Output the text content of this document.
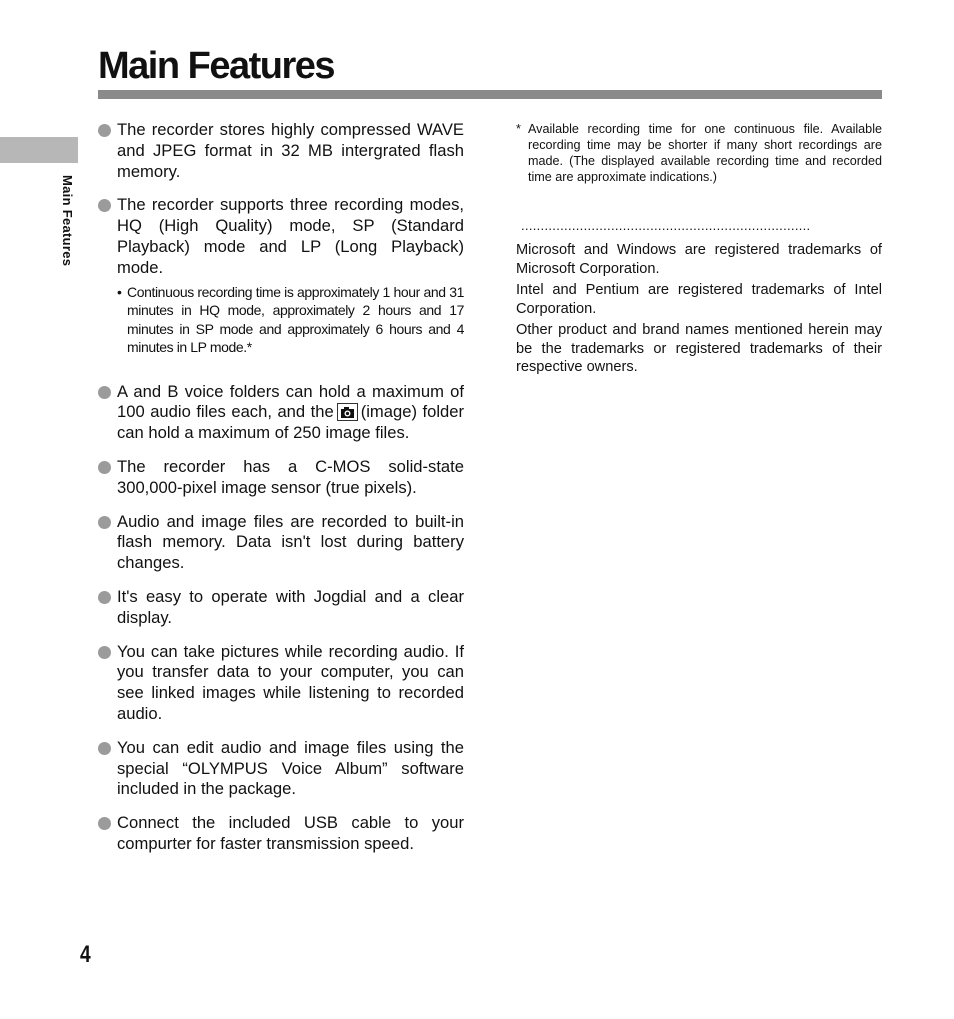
Main Features
Main Features
The recorder stores highly compressed WAVE and JPEG format in 32 MB intergrated flash memory.
The recorder supports three recording modes, HQ (High Quality) mode, SP (Standard Playback) mode and LP (Long Playback) mode.
• Continuous recording time is approximately 1 hour and 31 minutes in HQ mode, approximately 2 hours and 17 minutes in SP mode and approximately 6 hours and 4 minutes in LP mode.*
A and B voice folders can hold a maximum of 100 audio files each, and the (image) folder can hold a maximum of 250 image files.
The recorder has a C-MOS solid-state 300,000-pixel image sensor (true pixels).
Audio and image files are recorded to built-in flash memory. Data isn't lost during battery changes.
It's easy to operate with Jogdial and a clear display.
You can take pictures while recording audio. If you transfer data to your computer, you can see linked images while listening to recorded audio.
You can edit audio and image files using the special “OLYMPUS Voice Album” software included in the package.
Connect the included USB cable to your compurter for faster transmission speed.
* Available recording time for one continuous file. Available recording time may be shorter if many short recordings are made. (The displayed available recording time and recorded time are approximate indications.)
..........................................................................

Microsoft and Windows are registered trademarks of Microsoft Corporation.

Intel and Pentium are registered trademarks of Intel Corporation.

Other product and brand names mentioned herein may be the trademarks or registered trademarks of their respective owners.

4
